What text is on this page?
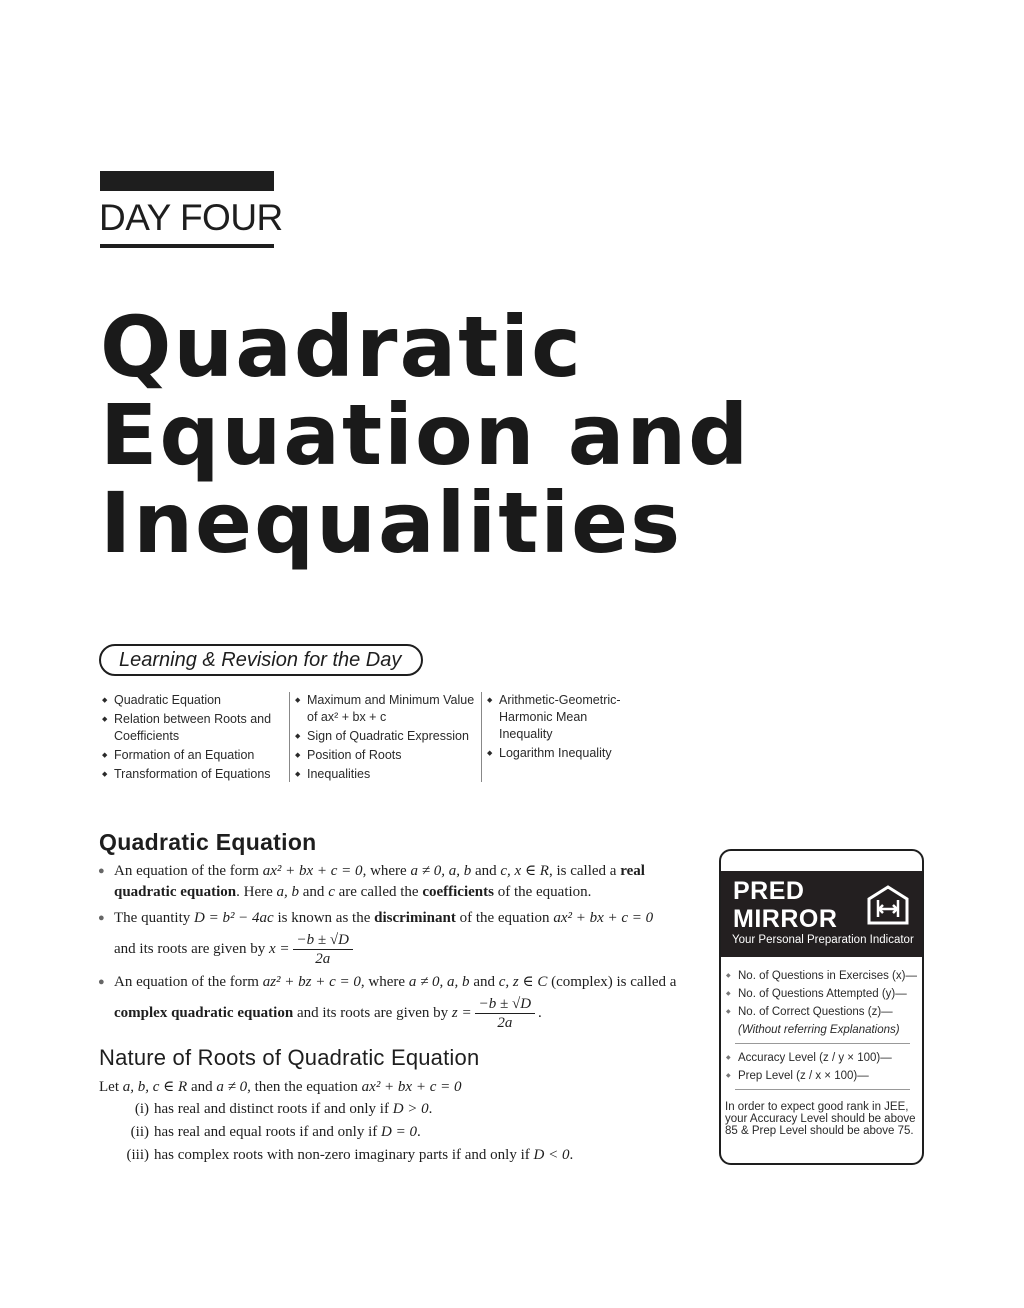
DAY FOUR
Quadratic
Equation and
Inequalities
Learning & Revision for the Day
◆ Quadratic Equation
◆ Relation between Roots and Coefficients
◆ Formation of an Equation
◆ Transformation of Equations
◆ Maximum and Minimum Value of ax² + bx + c
◆ Sign of Quadratic Expression
◆ Position of Roots
◆ Inequalities
◆ Arithmetic-Geometric-Harmonic Mean Inequality
◆ Logarithm Inequality
Quadratic Equation
● An equation of the form ax² + bx + c = 0, where a ≠ 0, a, b and c, x ∈ R, is called a real quadratic equation. Here a, b and c are called the coefficients of the equation.
● The quantity D = b² − 4ac is known as the discriminant of the equation ax² + bx + c = 0
and its roots are given by $x = \frac{-b \pm √D}{2a}$
● An equation of the form az² + bz + c = 0, where a ≠ 0, a, b and c, z ∈ C (complex) is called a
complex quadratic equation and its roots are given by $z = \frac{-b \pm √D}{2a}$ .
Nature of Roots of Quadratic Equation
Let a, b, c ∈ R and a ≠ 0, then the equation ax² + bx + c = 0
(i) has real and distinct roots if and only if D > 0.
(ii) has real and equal roots if and only if D = 0.
(iii) has complex roots with non-zero imaginary parts if and only if D < 0.
PRED
MIRROR
Your Personal Preparation Indicator
◆ No. of Questions in Exercises (x)—
◆ No. of Questions Attempted (y)—
◆ No. of Correct Questions (z)—
(Without referring Explanations)
◆ Accuracy Level (z / y × 100)—
◆ Prep Level (z / x × 100)—
In order to expect good rank in JEE, your Accuracy Level should be above 85 & Prep Level should be above 75.
